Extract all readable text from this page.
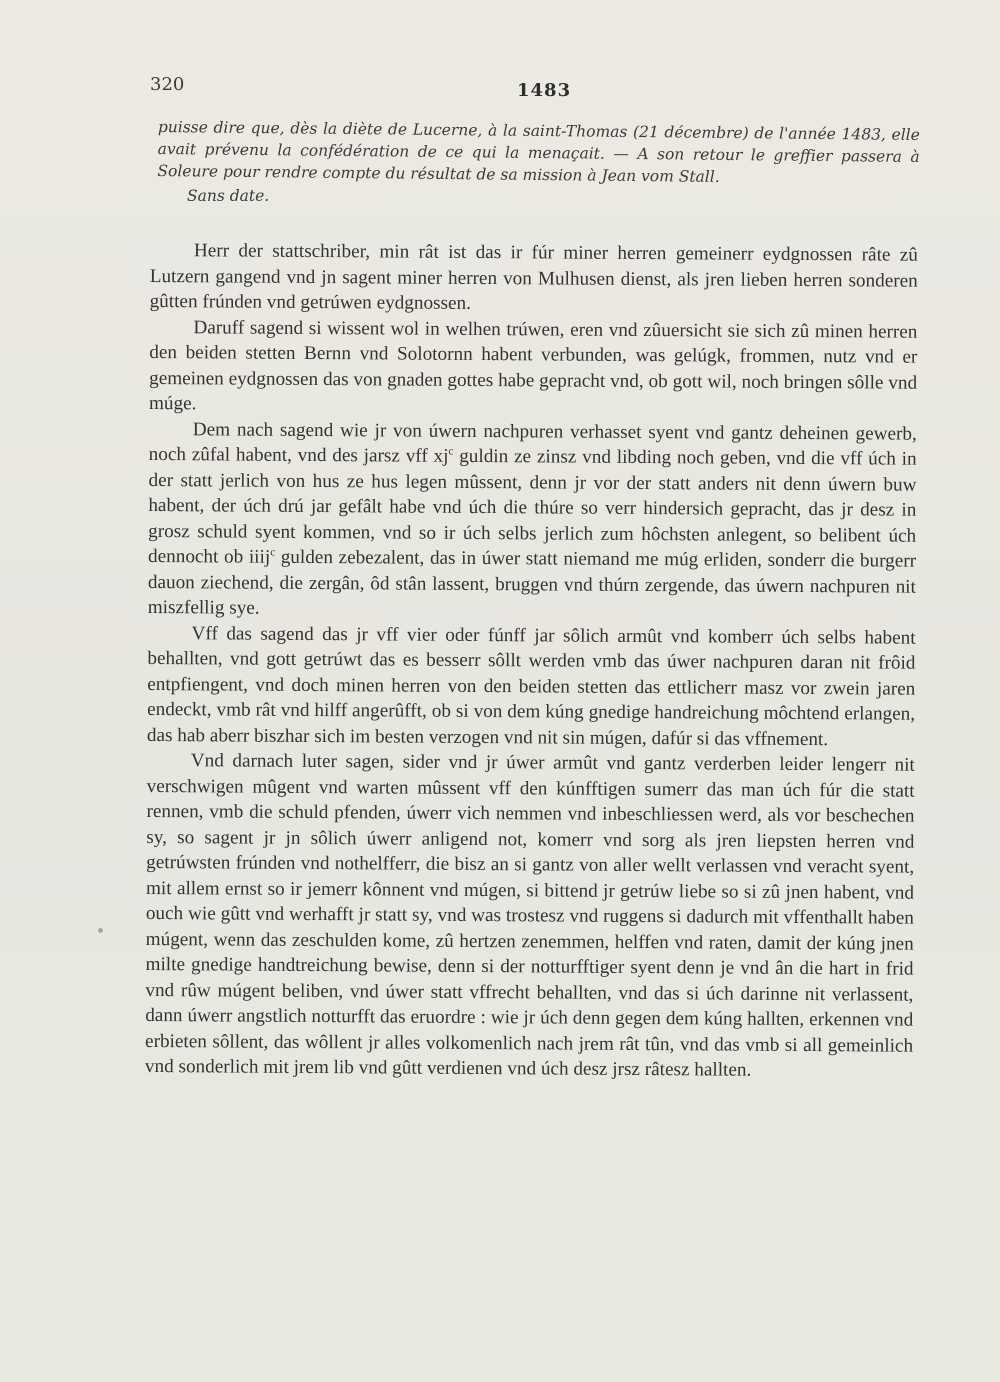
320	1483
puisse dire que, dès la diète de Lucerne, à la saint-Thomas (21 décembre) de l'année 1483, elle avait prévenu la confédération de ce qui la menaçait. — A son retour le greffier passera à Soleure pour rendre compte du résultat de sa mission à Jean vom Stall.
Sans date.

Herr der stattschriber, min rât ist das ir fúr miner herren gemeinerr eydgnossen râte zû Lutzern gangend vnd jn sagent miner herren von Mulhusen dienst, als jren lieben herren sonderen gûtten frúnden vnd getrúwen eydgnossen.

Daruff sagend si wissent wol in welhen trúwen, eren vnd zûuersicht sie sich zû minen herren den beiden stetten Bernn vnd Solotornn habent verbunden, was gelúgk, frommen, nutz vnd er gemeinen eydgnossen das von gnaden gottes habe gepracht vnd, ob gott wil, noch bringen sôlle vnd múge.

Dem nach sagend wie jr von úwern nachpuren verhasset syent vnd gantz deheinen gewerb, noch zûfal habent, vnd des jarsz vff $xj^c$ guldin ze zinsz vnd libding noch geben, vnd die vff úch in der statt jerlich von hus ze hus legen mûssent, denn jr vor der statt anders nit denn úwern buw habent, der úch drú jar gefâlt habe vnd úch die thúre so verr hindersich gepracht, das jr desz in grosz schuld syent kommen, vnd so ir úch selbs jerlich zum hôchsten anlegent, so belibent úch dennocht ob iiij$^c$ gulden zebezalent, das in úwer statt niemand me múg erliden, sonderr die burgerr dauon ziechend, die zergân, ôd stân lassent, bruggen vnd thúrn zergende, das úwern nachpuren nit miszfellig sye.

Vff das sagend das jr vff vier oder fúnff jar sôlich armût vnd komberr úch selbs habent behallten, vnd gott getrúwt das es besserr sôllt werden vmb das úwer nachpuren daran nit frôid entpfiengent, vnd doch minen herren von den beiden stetten das ettlicherr masz vor zwein jaren endeckt, vmb rât vnd hilff angerûfft, ob si von dem kúng gnedige handreichung môchtend erlangen, das hab aberr biszhar sich im besten verzogen vnd nit sin múgen, dafúr si das vffnement.

Vnd darnach luter sagen, sider vnd jr úwer armût vnd gantz verderben leider lengerr nit verschwigen mûgent vnd warten mûssent vff den kúnfftigen sumerr das man úch fúr die statt rennen, vmb die schuld pfenden, úwerr vich nemmen vnd inbeschliessen werd, als vor beschechen sy, so sagent jr jn sôlich úwerr anligend not, komerr vnd sorg als jren liepsten herren vnd getrúwsten frúnden vnd nothelfferr, die bisz an si gantz von aller wellt verlassen vnd veracht syent, mit allem ernst so ir jemerr kônnent vnd múgen, si bittend jr getrúw liebe so si zû jnen habent, vnd ouch wie gûtt vnd werhafft jr statt sy, vnd was trostesz vnd ruggens si dadurch mit vffenthallt haben múgent, wenn das zeschulden kome, zû hertzen zenemmen, helffen vnd raten, damit der kúng jnen milte gnedige handtreichung bewise, denn si der notturfftiger syent denn je vnd ân die hart in frid vnd rûw múgent beliben, vnd úwer statt vffrecht behallten, vnd das si úch darinne nit verlassent, dann úwerr angstlich notturfft das eruordre : wie jr úch denn gegen dem kúng hallten, erkennen vnd erbieten sôllent, das wôllent jr alles volkomenlich nach jrem rât tûn, vnd das vmb si all gemeinlich vnd sonderlich mit jrem lib vnd gûtt verdienen vnd úch desz jrsz râtesz hallten.
